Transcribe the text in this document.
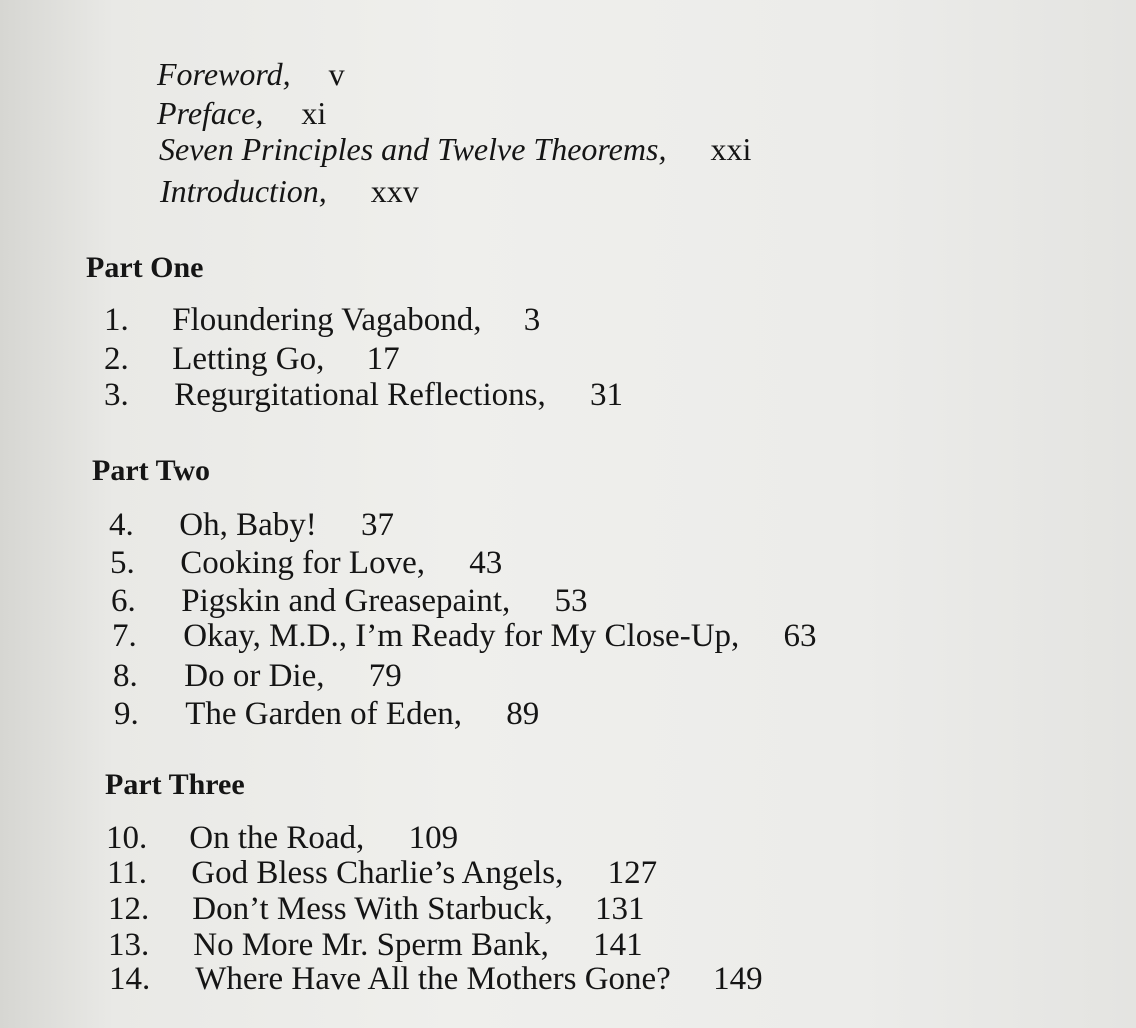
Foreword, v
Preface, xi
Seven Principles and Twelve Theorems, xxi
Introduction, xxv
Part One
1. Floundering Vagabond, 3
2. Letting Go, 17
3. Regurgitational Reflections, 31
Part Two
4. Oh, Baby! 37
5. Cooking for Love, 43
6. Pigskin and Greasepaint, 53
7. Okay, M.D., I’m Ready for My Close-Up, 63
8. Do or Die, 79
9. The Garden of Eden, 89
Part Three
10. On the Road, 109
11. God Bless Charlie’s Angels, 127
12. Don’t Mess With Starbuck, 131
13. No More Mr. Sperm Bank, 141
14. Where Have All the Mothers Gone? 149
